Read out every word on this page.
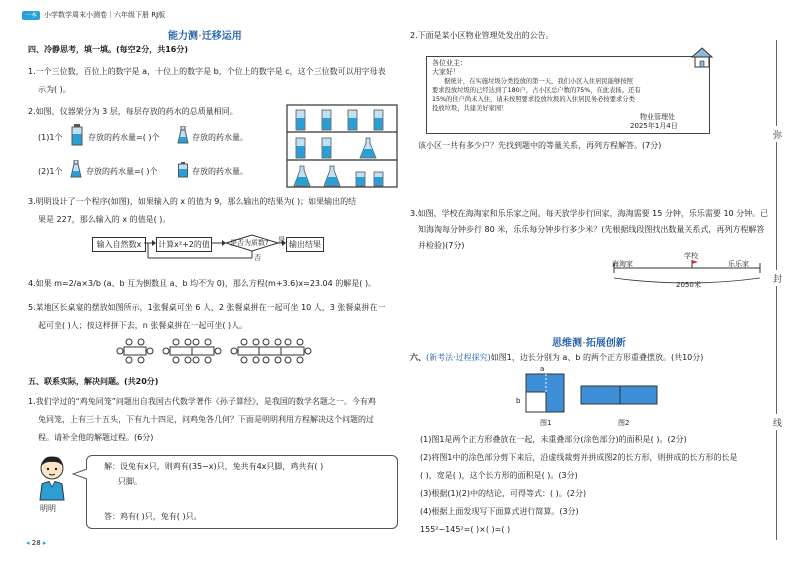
一本	小学数学周末小测卷｜六年级下册 RJ版
能力测·迁移运用
四、冷静思考，填一填。(每空2分，共16分)
1.一个三位数，百位上的数字是 a，十位上的数字是 b，个位上的数字是 c，这个三位数可以用字母表
示为( )。
2.如图，仪器架分为 3 层，每层存放的药水的总质量相同。
(1)1个	存放的药水量=( )个	存放的药水量。
(2)1个	存放的药水量=( )个	存放的药水量。
3.明明设计了一个程序(如图)，如果输入的 x 的值为 9，那么输出的结果为( )；如果输出的结
果是 227，那么输入的 x 的值是( )。
输入自然数x	计算x²+2的值	是否为质数? 是
否
输出结果
4.如果 m=2/a×3/b (a、b 互为倒数且 a、b 均不为 0)，那么方程(m+3.6)x=23.04 的解是( )。
5.某地区长桌宴的摆放如图所示，1张餐桌可坐 6 人，2 张餐桌拼在一起可坐 10 人，3 张餐桌拼在一
起可坐( )人；按这样拼下去，n 张餐桌拼在一起可坐( )人。
五、联系实际，解决问题。(共20分)
1.我们学过的“鸡兔同笼”问题出自我国古代数学著作《孙子算经》，是我国的数学名题之一。今有鸡
兔同笼，上有三十五头，下有九十四足，问鸡兔各几何？下面是明明利用方程解决这个问题的过
程。请补全他的解题过程。(6分)
明明
解：设兔有x只，则鸡有(35−x)只，兔共有4x只脚，鸡共有( )
只脚。
答：鸡有( )只，兔有( )只。
◂ 28 ▸
2.下面是某小区物业管理处发出的公告。
各位业主：
大家好！
据统计，在实施垃圾分类投放的第一天，我们小区入住居民能够按照
要求投放垃圾的已经达到了180户，占小区总户数的75%，在此表扬。还有
15%的住户尚未入住，请未按照要求投放垃圾的入住居民务必按要求分类
投放垃圾，共建美好家园！
物业管理处
2025年1月4日
该小区一共有多少户？先找到题中的等量关系，再列方程解答。(7分)
3.如图，学校在海淘家和乐乐家之间。每天放学步行回家，海淘需要 15 分钟，乐乐需要 10 分钟。已
知海淘每分钟步行 80 米，乐乐每分钟步行多少米？(先根据线段图找出数量关系式，再列方程解答
并检验)(7分)
学校
海淘家	乐乐家
2050米
思维测·拓展创新
六、(新考法·过程探究)如图1，边长分别为 a、b 的两个正方形重叠摆放。(共10分)
a
b
图1	图2
(1)图1是两个正方形叠放在一起，未重叠部分(涂色部分)的面积是( )。(2分)
(2)将图1中的涂色部分剪下来后，沿虚线裁剪并拼成图2的长方形，则拼成的长方形的长是
( )，宽是( )，这个长方形的面积是( )。(3分)
(3)根据(1)(2)中的结论，可得等式：( )。(2分)
(4)根据上面发现写下面算式进行简算。(3分)
155²−145²=( )×( )=( )
弥
封
线
